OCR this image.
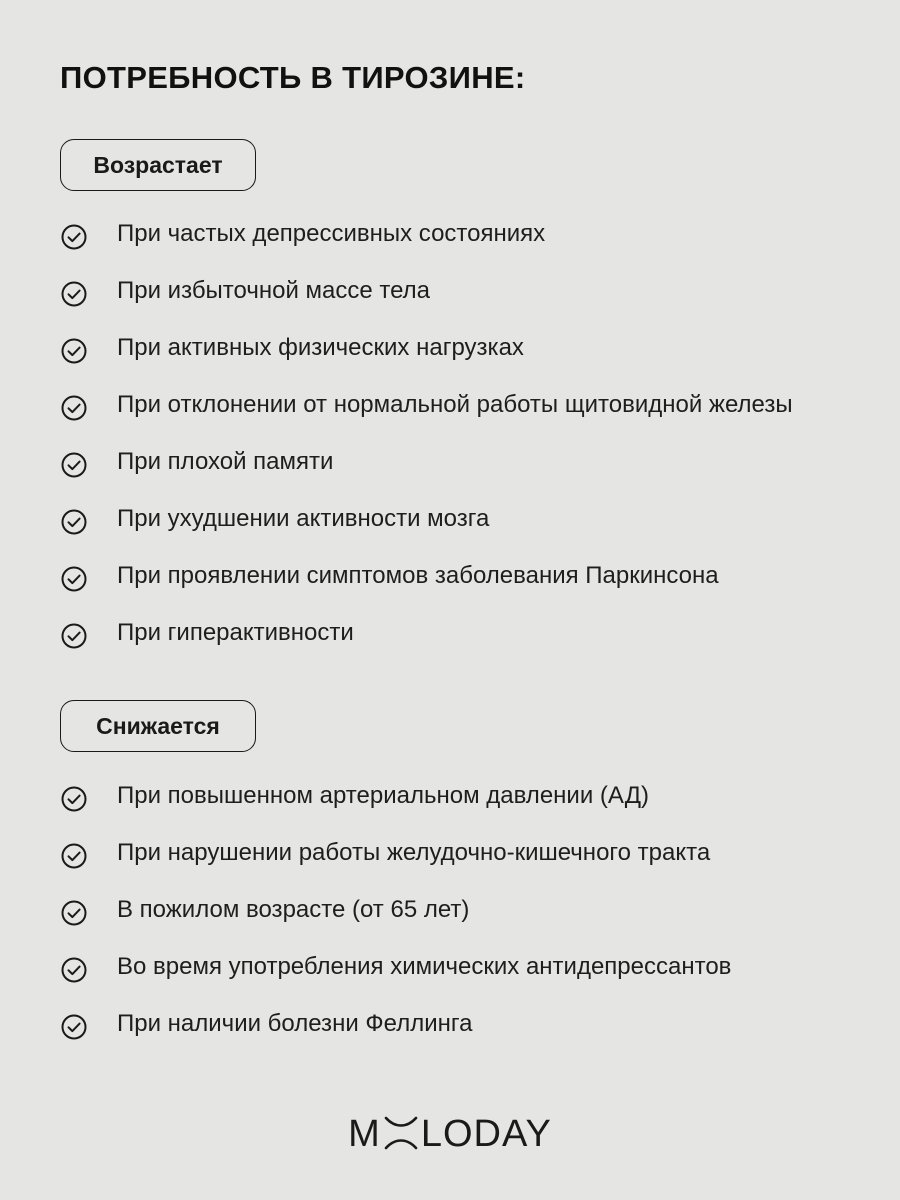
ПОТРЕБНОСТЬ В ТИРОЗИНЕ:
Возрастает
При частых депрессивных состояниях
При избыточной массе тела
При активных физических нагрузках
При отклонении от нормальной работы щитовидной железы
При плохой памяти
При ухудшении активности мозга
При проявлении симптомов заболевания Паркинсона
При гиперактивности
Снижается
При повышенном артериальном давлении (АД)
При нарушении работы желудочно-кишечного тракта
В пожилом возрасте (от 65 лет)
Во время употребления химических антидепрессантов
При наличии болезни Феллинга
M LODAY
